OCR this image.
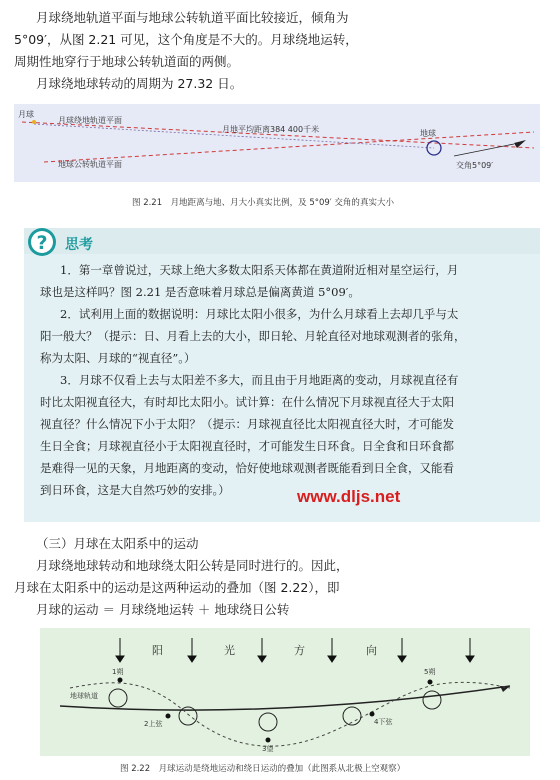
月球绕地轨道平面与地球公转轨道平面比较接近，倾角为
5°09′，从图 2.21 可见，这个角度是不大的。月球绕地运转，
周期性地穿行于地球公转轨道面的两侧。
月球绕地球转动的周期为 27.32 日。
月球
月球绕地轨道平面
月地平均距离384 400千米	地球
地球公转轨道平面	交角5°09′
图 2.21　月地距离与地、月大小真实比例，及 5°09′ 交角的真实大小
? 思考
1．第一章曾说过，天球上绝大多数太阳系天体都在黄道附近相对星空运行，月
球也是这样吗？图 2.21 是否意味着月球总是偏离黄道 5°09′。
2．试利用上面的数据说明：月球比太阳小很多，为什么月球看上去却几乎与太
阳一般大？（提示：日、月看上去的大小，即日轮、月轮直径对地球观测者的张角，
称为太阳、月球的“视直径”。）
3．月球不仅看上去与太阳差不多大，而且由于月地距离的变动，月球视直径有
时比太阳视直径大，有时却比太阳小。试计算：在什么情况下月球视直径大于太阳
视直径？什么情况下小于太阳？（提示：月球视直径比太阳视直径大时，才可能发
生日全食；月球视直径小于太阳视直径时，才可能发生日环食。日全食和日环食都
是难得一见的天象，月地距离的变动，恰好使地球观测者既能看到日全食，又能看
到日环食，这是大自然巧妙的安排。）	www.dljs.net
（三）月球在太阳系中的运动
月球绕地球转动和地球绕太阳公转是同时进行的。因此，
月球在太阳系中的运动是这两种运动的叠加（图 2.22），即
月球的运动 ＝ 月球绕地运转 ＋ 地球绕日公转
阳	光	方	向
地球轨道
1朔
2上弦
3望
4下弦
5朔
图 2.22　月球运动是绕地运动和绕日运动的叠加（此图系从北极上空观察）
